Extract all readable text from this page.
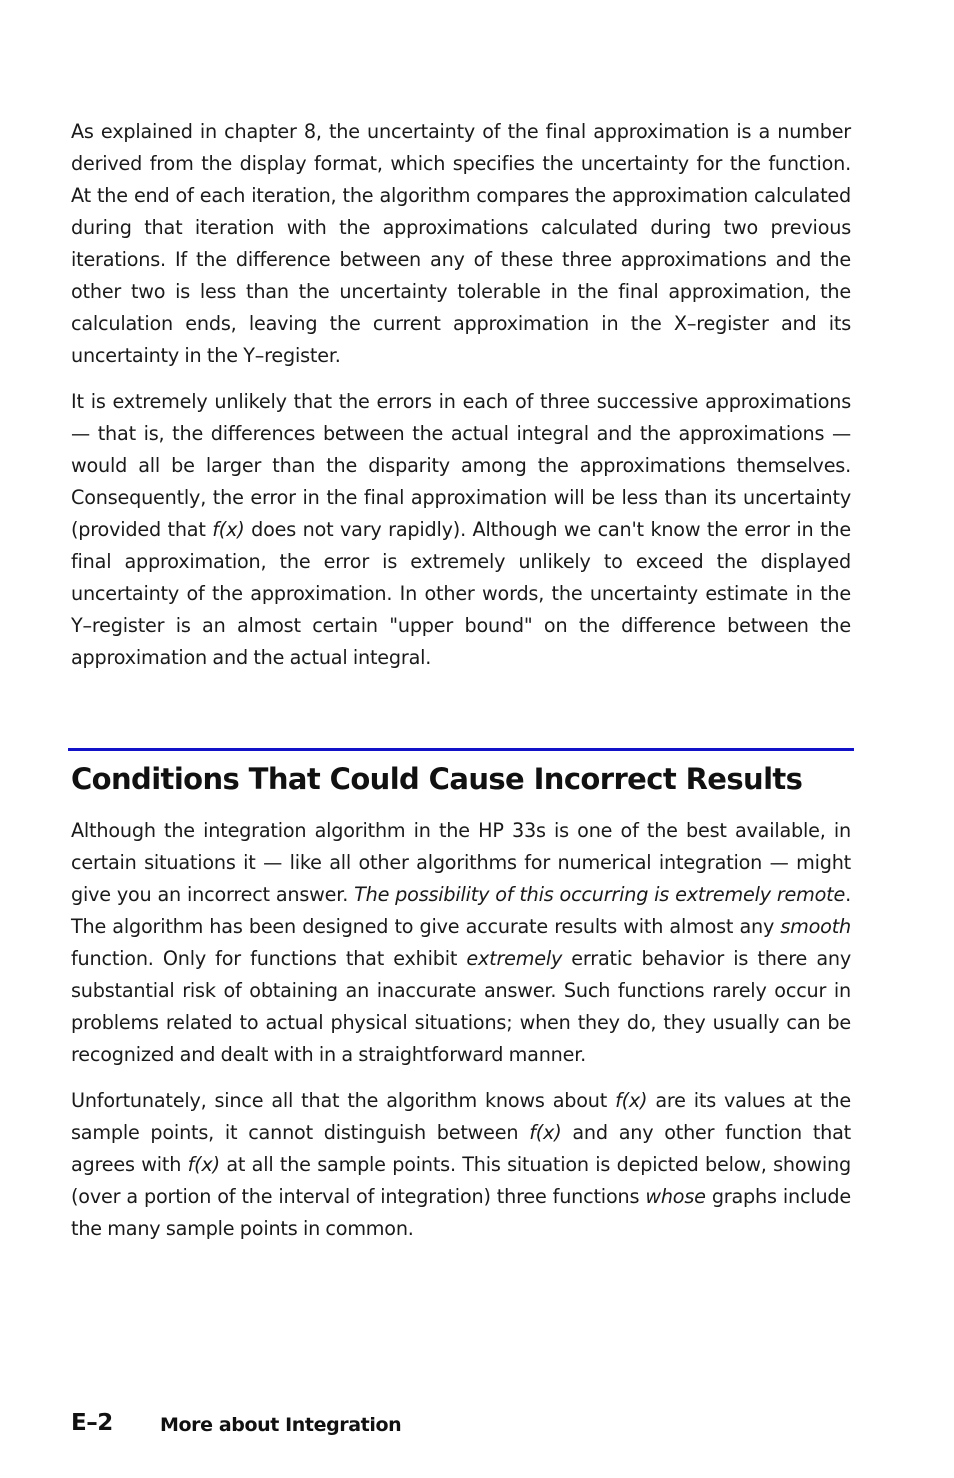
As explained in chapter 8, the uncertainty of the final approximation is a number derived from the display format, which specifies the uncertainty for the function. At the end of each iteration, the algorithm compares the approximation calculated during that iteration with the approximations calculated during two previous iterations. If the difference between any of these three approximations and the other two is less than the uncertainty tolerable in the final approximation, the calculation ends, leaving the current approximation in the X–register and its uncertainty in the Y–register.

It is extremely unlikely that the errors in each of three successive approximations — that is, the differences between the actual integral and the approximations — would all be larger than the disparity among the approximations themselves. Consequently, the error in the final approximation will be less than its uncertainty (provided that f(x) does not vary rapidly). Although we can't know the error in the final approximation, the error is extremely unlikely to exceed the displayed uncertainty of the approximation. In other words, the uncertainty estimate in the Y–register is an almost certain "upper bound" on the difference between the approximation and the actual integral.

Conditions That Could Cause Incorrect Results

Although the integration algorithm in the HP 33s is one of the best available, in certain situations it — like all other algorithms for numerical integration — might give you an incorrect answer. The possibility of this occurring is extremely remote. The algorithm has been designed to give accurate results with almost any smooth function. Only for functions that exhibit extremely erratic behavior is there any substantial risk of obtaining an inaccurate answer. Such functions rarely occur in problems related to actual physical situations; when they do, they usually can be recognized and dealt with in a straightforward manner.

Unfortunately, since all that the algorithm knows about f(x) are its values at the sample points, it cannot distinguish between f(x) and any other function that agrees with f(x) at all the sample points. This situation is depicted below, showing (over a portion of the interval of integration) three functions whose graphs include the many sample points in common.

E–2 More about Integration
